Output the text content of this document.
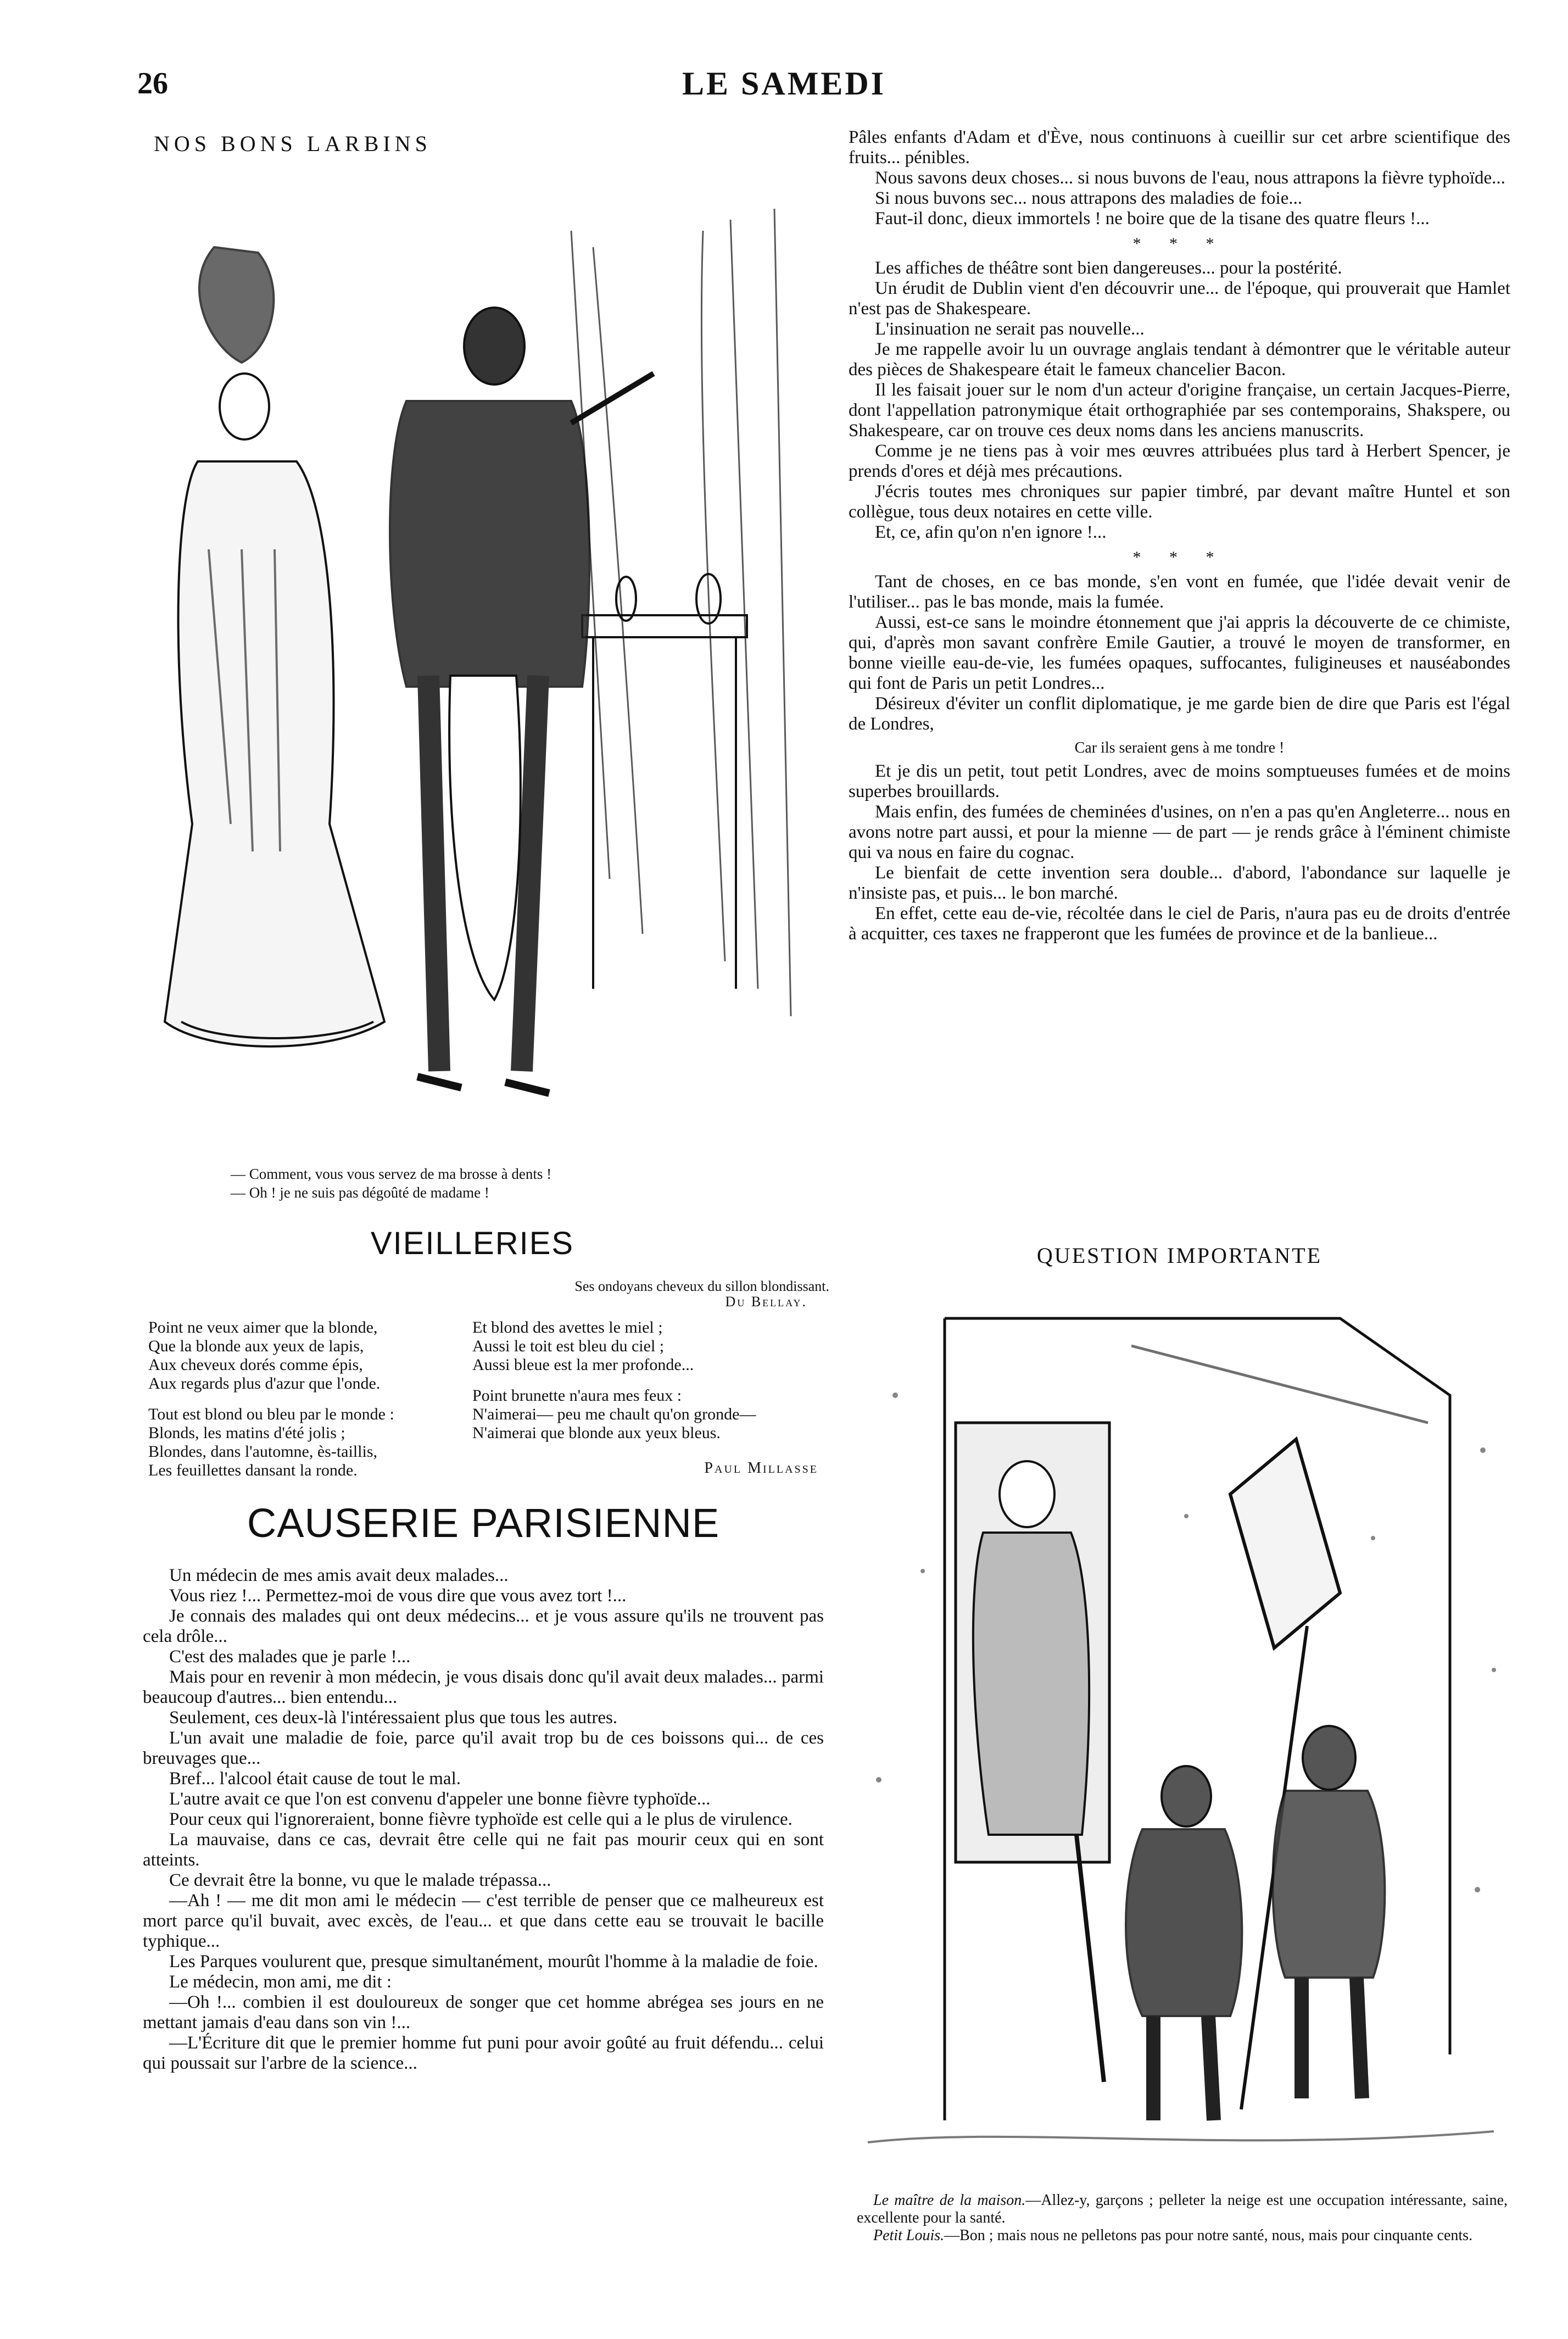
26	LE SAMEDI
NOS BONS LARBINS
— Comment, vous vous servez de ma brosse à dents !
— Oh ! je ne suis pas dégoûté de madame !

Pâles enfants d'Adam et d'Ève, nous continuons à cueillir sur cet arbre scientifique des fruits... pénibles.

Nous savons deux choses... si nous buvons de l'eau, nous attrapons la fièvre typhoïde...

Si nous buvons sec... nous attrapons des maladies de foie...

Faut-il donc, dieux immortels ! ne boire que de la tisane des quatre fleurs !...

* * *

Les affiches de théâtre sont bien dangereuses... pour la postérité.

Un érudit de Dublin vient d'en découvrir une... de l'époque, qui prouverait que Hamlet n'est pas de Shakespeare.

L'insinuation ne serait pas nouvelle...

Je me rappelle avoir lu un ouvrage anglais tendant à démontrer que le véritable auteur des pièces de Shakespeare était le fameux chancelier Bacon.

Il les faisait jouer sur le nom d'un acteur d'origine française, un certain Jacques-Pierre, dont l'appellation patronymique était orthographiée par ses contemporains, Shakspere, ou Shakespeare, car on trouve ces deux noms dans les anciens manuscrits.

Comme je ne tiens pas à voir mes œuvres attribuées plus tard à Herbert Spencer, je prends d'ores et déjà mes précautions.

J'écris toutes mes chroniques sur papier timbré, par devant maître Huntel et son collègue, tous deux notaires en cette ville.

Et, ce, afin qu'on n'en ignore !...

* * *

Tant de choses, en ce bas monde, s'en vont en fumée, que l'idée devait venir de l'utiliser... pas le bas monde, mais la fumée.

Aussi, est-ce sans le moindre étonnement que j'ai appris la découverte de ce chimiste, qui, d'après mon savant confrère Emile Gautier, a trouvé le moyen de transformer, en bonne vieille eau-de-vie, les fumées opaques, suffocantes, fuligineuses et nauséabondes qui font de Paris un petit Londres...

Désireux d'éviter un conflit diplomatique, je me garde bien de dire que Paris est l'égal de Londres,

Car ils seraient gens à me tondre !

Et je dis un petit, tout petit Londres, avec de moins somptueuses fumées et de moins superbes brouillards.

Mais enfin, des fumées de cheminées d'usines, on n'en a pas qu'en Angleterre... nous en avons notre part aussi, et pour la mienne — de part — je rends grâce à l'éminent chimiste qui va nous en faire du cognac.

Le bienfait de cette invention sera double... d'abord, l'abondance sur laquelle je n'insiste pas, et puis... le bon marché.

En effet, cette eau de-vie, récoltée dans le ciel de Paris, n'aura pas eu de droits d'entrée à acquitter, ces taxes ne frapperont que les fumées de province et de la banlieue...

VIEILLERIES
Ses ondoyans cheveux du sillon blondissant.
Du Bellay.
Point ne veux aimer que la blonde,
Que la blonde aux yeux de lapis,
Aux cheveux dorés comme épis,
Aux regards plus d'azur que l'onde.
Tout est blond ou bleu par le monde :
Blonds, les matins d'été jolis ;
Blondes, dans l'automne, ès-taillis,
Les feuillettes dansant la ronde.
Et blond des avettes le miel ;
Aussi le toit est bleu du ciel ;
Aussi bleue est la mer profonde...
Point brunette n'aura mes feux :
N'aimerai— peu me chault qu'on gronde—
N'aimerai que blonde aux yeux bleus.
Paul Millasse
CAUSERIE PARISIENNE

Un médecin de mes amis avait deux malades...

Vous riez !... Permettez-moi de vous dire que vous avez tort !...

Je connais des malades qui ont deux médecins... et je vous assure qu'ils ne trouvent pas cela drôle...

C'est des malades que je parle !...

Mais pour en revenir à mon médecin, je vous disais donc qu'il avait deux malades... parmi beaucoup d'autres... bien entendu...

Seulement, ces deux-là l'intéressaient plus que tous les autres.

L'un avait une maladie de foie, parce qu'il avait trop bu de ces boissons qui... de ces breuvages que...

Bref... l'alcool était cause de tout le mal.

L'autre avait ce que l'on est convenu d'appeler une bonne fièvre typhoïde...

Pour ceux qui l'ignoreraient, bonne fièvre typhoïde est celle qui a le plus de virulence.

La mauvaise, dans ce cas, devrait être celle qui ne fait pas mourir ceux qui en sont atteints.

Ce devrait être la bonne, vu que le malade trépassa...

—Ah ! — me dit mon ami le médecin — c'est terrible de penser que ce malheureux est mort parce qu'il buvait, avec excès, de l'eau... et que dans cette eau se trouvait le bacille typhique...

Les Parques voulurent que, presque simultanément, mourût l'homme à la maladie de foie.

Le médecin, mon ami, me dit :

—Oh !... combien il est douloureux de songer que cet homme abrégea ses jours en ne mettant jamais d'eau dans son vin !...

—L'Écriture dit que le premier homme fut puni pour avoir goûté au fruit défendu... celui qui poussait sur l'arbre de la science...

QUESTION IMPORTANTE

Le maître de la maison.—Allez-y, garçons ; pelleter la neige est une occupation intéressante, saine, excellente pour la santé.

Petit Louis.—Bon ; mais nous ne pelletons pas pour notre santé, nous, mais pour cinquante cents.
